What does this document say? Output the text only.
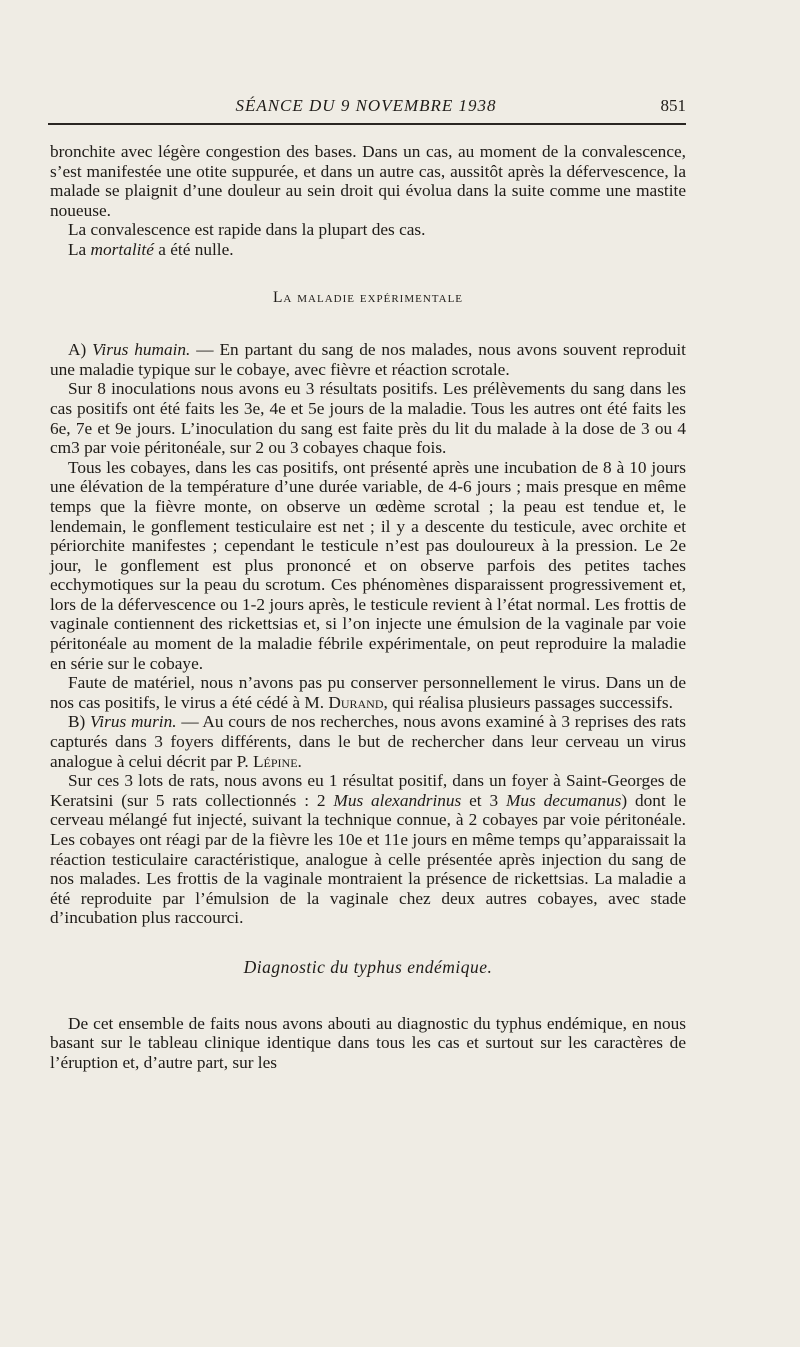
SÉANCE DU 9 NOVEMBRE 1938	851

bronchite avec légère congestion des bases. Dans un cas, au moment de la convalescence, s’est manifestée une otite suppurée, et dans un autre cas, aussitôt après la défervescence, la malade se plaignit d’une douleur au sein droit qui évolua dans la suite comme une mastite noueuse.

La convalescence est rapide dans la plupart des cas.

La mortalité a été nulle.

La maladie expérimentale

A) Virus humain. — En partant du sang de nos malades, nous avons souvent reproduit une maladie typique sur le cobaye, avec fièvre et réaction scrotale.

Sur 8 inoculations nous avons eu 3 résultats positifs. Les prélèvements du sang dans les cas positifs ont été faits les 3e, 4e et 5e jours de la maladie. Tous les autres ont été faits les 6e, 7e et 9e jours. L’inoculation du sang est faite près du lit du malade à la dose de 3 ou 4 cm3 par voie péritonéale, sur 2 ou 3 cobayes chaque fois.

Tous les cobayes, dans les cas positifs, ont présenté après une incubation de 8 à 10 jours une élévation de la température d’une durée variable, de 4-6 jours ; mais presque en même temps que la fièvre monte, on observe un œdème scrotal ; la peau est tendue et, le lendemain, le gonflement testiculaire est net ; il y a descente du testicule, avec orchite et périorchite manifestes ; cependant le testicule n’est pas douloureux à la pression. Le 2e jour, le gonflement est plus prononcé et on observe parfois des petites taches ecchymotiques sur la peau du scrotum. Ces phénomènes disparaissent progressivement et, lors de la défervescence ou 1-2 jours après, le testicule revient à l’état normal. Les frottis de vaginale contiennent des rickettsias et, si l’on injecte une émulsion de la vaginale par voie péritonéale au moment de la maladie fébrile expérimentale, on peut reproduire la maladie en série sur le cobaye.

Faute de matériel, nous n’avons pas pu conserver personnellement le virus. Dans un de nos cas positifs, le virus a été cédé à M. Durand, qui réalisa plusieurs passages successifs.

B) Virus murin. — Au cours de nos recherches, nous avons examiné à 3 reprises des rats capturés dans 3 foyers différents, dans le but de rechercher dans leur cerveau un virus analogue à celui décrit par P. Lépine.

Sur ces 3 lots de rats, nous avons eu 1 résultat positif, dans un foyer à Saint-Georges de Keratsini (sur 5 rats collectionnés : 2 Mus alexandrinus et 3 Mus decumanus) dont le cerveau mélangé fut injecté, suivant la technique connue, à 2 cobayes par voie péritonéale. Les cobayes ont réagi par de la fièvre les 10e et 11e jours en même temps qu’apparaissait la réaction testiculaire caractéristique, analogue à celle présentée après injection du sang de nos malades. Les frottis de la vaginale montraient la présence de rickettsias. La maladie a été reproduite par l’émulsion de la vaginale chez deux autres cobayes, avec stade d’incubation plus raccourci.

Diagnostic du typhus endémique.

De cet ensemble de faits nous avons abouti au diagnostic du typhus endémique, en nous basant sur le tableau clinique identique dans tous les cas et surtout sur les caractères de l’éruption et, d’autre part, sur les
